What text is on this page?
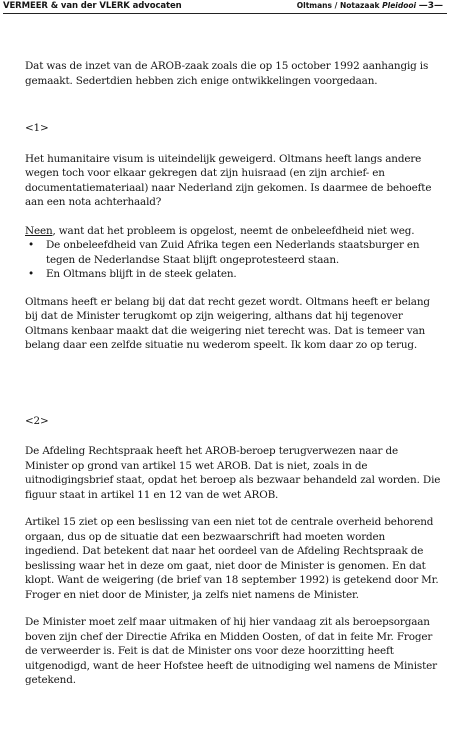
VERMEER & van der VLERK advocaten	Oltmans / Notazaak Pleidooi —3—

Dat was de inzet van de AROB-zaak zoals die op 15 october 1992 aanhangig is gemaakt. Sedertdien hebben zich enige ontwikkelingen voorgedaan.

<1>

Het humanitaire visum is uiteindelijk geweigerd. Oltmans heeft langs andere wegen toch voor elkaar gekregen dat zijn huisraad (en zijn archief- en documentatiemateriaal) naar Nederland zijn gekomen. Is daarmee de behoefte aan een nota achterhaald?

Neen, want dat het probleem is opgelost, neemt de onbeleefdheid niet weg.

• De onbeleefdheid van Zuid Afrika tegen een Nederlands staatsburger en tegen de Nederlandse Staat blijft ongeprotesteerd staan.
• En Oltmans blijft in de steek gelaten.

Oltmans heeft er belang bij dat dat recht gezet wordt. Oltmans heeft er belang bij dat de Minister terugkomt op zijn weigering, althans dat hij tegenover Oltmans kenbaar maakt dat die weigering niet terecht was. Dat is temeer van belang daar een zelfde situatie nu wederom speelt. Ik kom daar zo op terug.

<2>

De Afdeling Rechtspraak heeft het AROB-beroep terugverwezen naar de Minister op grond van artikel 15 wet AROB. Dat is niet, zoals in de uitnodigingsbrief staat, opdat het beroep als bezwaar behandeld zal worden. Die figuur staat in artikel 11 en 12 van de wet AROB.

Artikel 15 ziet op een beslissing van een niet tot de centrale overheid behorend orgaan, dus op de situatie dat een bezwaarschrift had moeten worden ingediend. Dat betekent dat naar het oordeel van de Afdeling Rechtspraak de beslissing waar het in deze om gaat, niet door de Minister is genomen. En dat klopt. Want de weigering (de brief van 18 september 1992) is getekend door Mr. Froger en niet door de Minister, ja zelfs niet namens de Minister.

De Minister moet zelf maar uitmaken of hij hier vandaag zit als beroepsorgaan boven zijn chef der Directie Afrika en Midden Oosten, of dat in feite Mr. Froger de verweerder is. Feit is dat de Minister ons voor deze hoorzitting heeft uitgenodigd, want de heer Hofstee heeft de uitnodiging wel namens de Minister getekend.
